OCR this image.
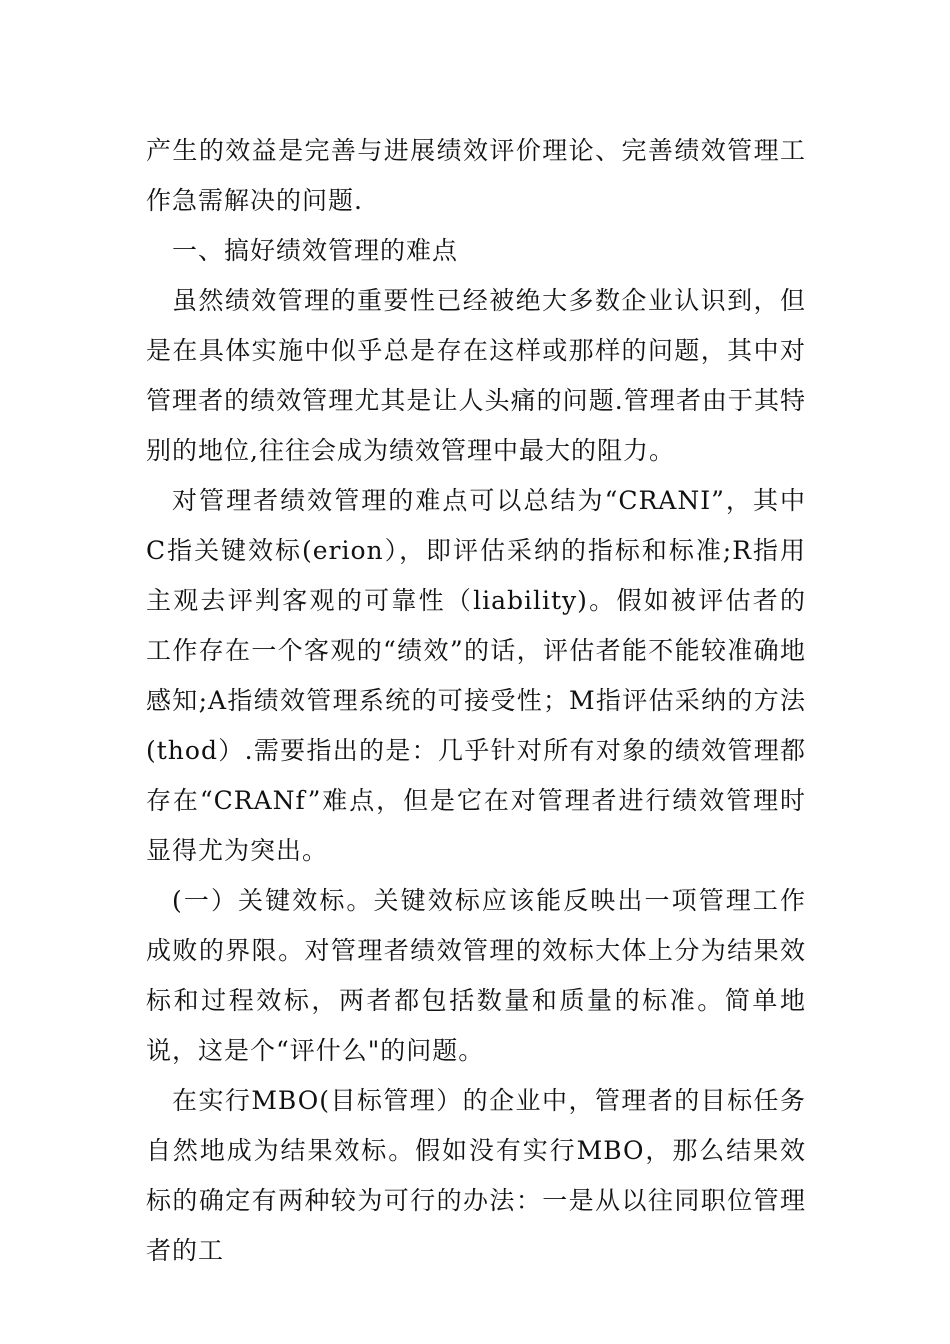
产生的效益是完善与进展绩效评价理论、完善绩效管理工作急需解决的问题.

一、搞好绩效管理的难点

虽然绩效管理的重要性已经被绝大多数企业认识到，但是在具体实施中似乎总是存在这样或那样的问题，其中对管理者的绩效管理尤其是让人头痛的问题.管理者由于其特别的地位,往往会成为绩效管理中最大的阻力。

对管理者绩效管理的难点可以总结为“CRANI”，其中C指关键效标(erion），即评估采纳的指标和标准;R指用主观去评判客观的可靠性（liability)。假如被评估者的工作存在一个客观的“绩效”的话，评估者能不能较准确地感知;A指绩效管理系统的可接受性；M指评估采纳的方法(thod）.需要指出的是：几乎针对所有对象的绩效管理都存在“CRANf”难点，但是它在对管理者进行绩效管理时显得尤为突出。

(一）关键效标。关键效标应该能反映出一项管理工作成败的界限。对管理者绩效管理的效标大体上分为结果效标和过程效标，两者都包括数量和质量的标准。简单地说，这是个“评什么"的问题。

在实行MBO(目标管理）的企业中，管理者的目标任务自然地成为结果效标。假如没有实行MBO，那么结果效标的确定有两种较为可行的办法：一是从以往同职位管理者的工
